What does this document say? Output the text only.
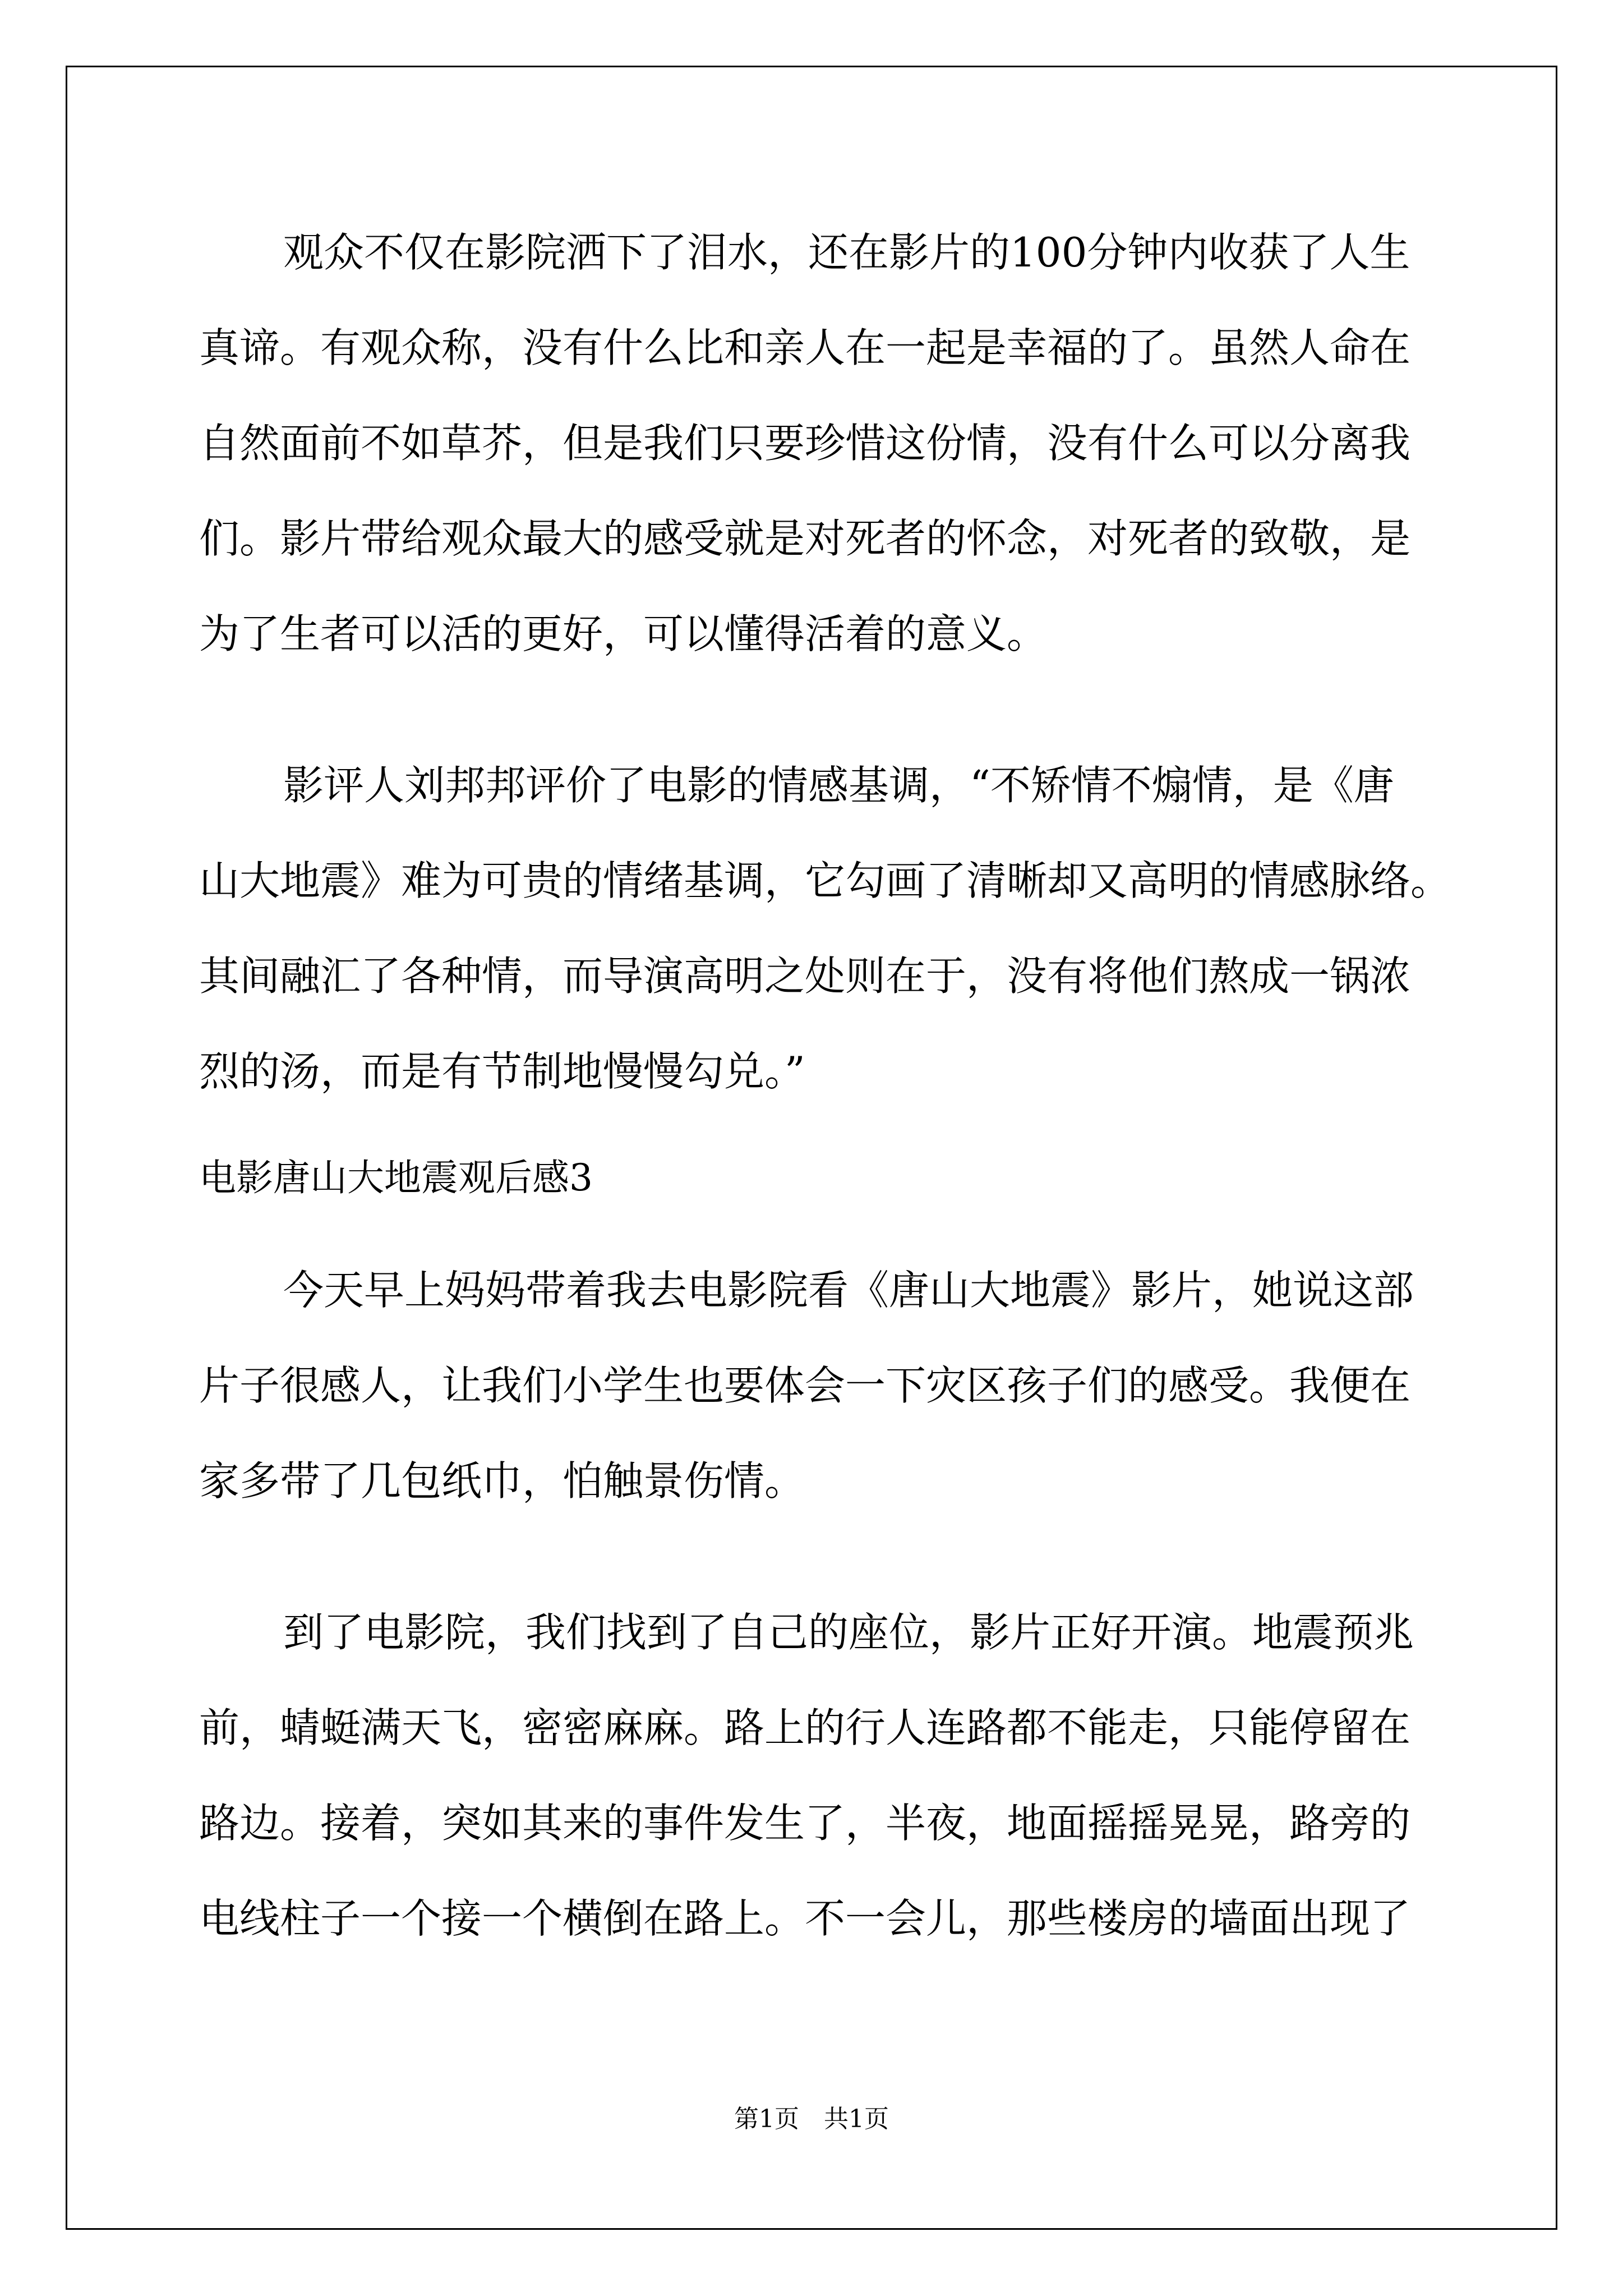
观众不仅在影院洒下了泪水，还在影片的100分钟内收获了人生
真谛。有观众称，没有什么比和亲人在一起是幸福的了。虽然人命在
自然面前不如草芥，但是我们只要珍惜这份情，没有什么可以分离我
们。影片带给观众最大的感受就是对死者的怀念，对死者的致敬，是
为了生者可以活的更好，可以懂得活着的意义。
影评人刘邦邦评价了电影的情感基调，“不矫情不煽情，是《唐
山大地震》难为可贵的情绪基调，它勾画了清晰却又高明的情感脉络。
其间融汇了各种情，而导演高明之处则在于，没有将他们熬成一锅浓
烈的汤，而是有节制地慢慢勾兑。”
电影唐山大地震观后感3
今天早上妈妈带着我去电影院看《唐山大地震》影片，她说这部
片子很感人，让我们小学生也要体会一下灾区孩子们的感受。我便在
家多带了几包纸巾，怕触景伤情。
到了电影院，我们找到了自己的座位，影片正好开演。地震预兆
前，蜻蜓满天飞，密密麻麻。路上的行人连路都不能走，只能停留在
路边。接着，突如其来的事件发生了，半夜，地面摇摇晃晃，路旁的
电线柱子一个接一个横倒在路上。不一会儿，那些楼房的墙面出现了
第1页　共1页
